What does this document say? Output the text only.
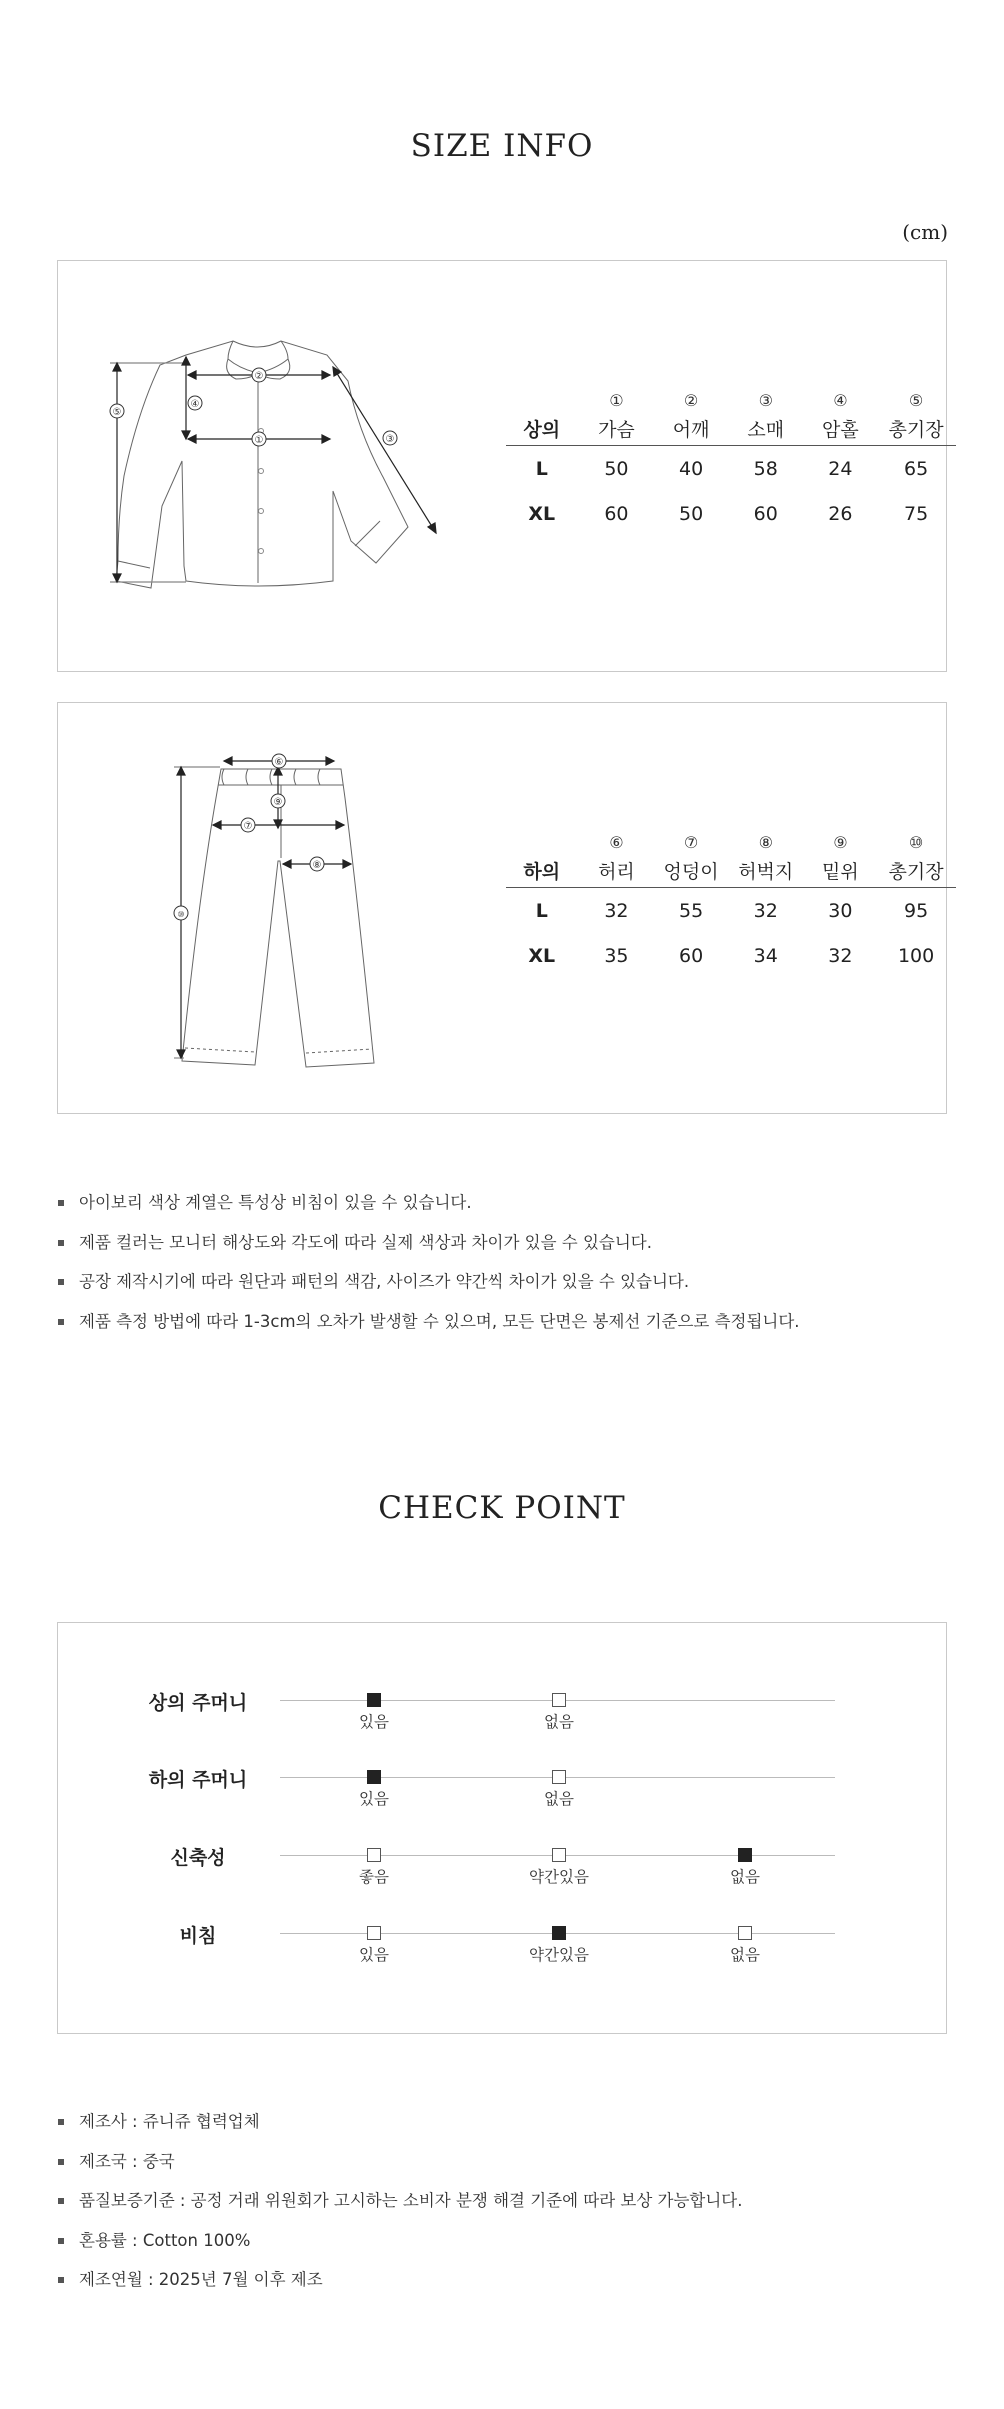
SIZE INFO
(cm)
⑤
②
①
④
③
	①	②	③	④	⑤
상의	가슴	어깨	소매	암홀	총기장
L	50	40	58	24	65
XL	60	50	60	26	75
⑥
⑨
⑦
⑧
⑩
	⑥	⑦	⑧	⑨	⑩
하의	허리	엉덩이	허벅지	밑위	총기장
L	32	55	32	30	95
XL	35	60	34	32	100
아이보리 색상 계열은 특성상 비침이 있을 수 있습니다.
제품 컬러는 모니터 해상도와 각도에 따라 실제 색상과 차이가 있을 수 있습니다.
공장 제작시기에 따라 원단과 패턴의 색감, 사이즈가 약간씩 차이가 있을 수 있습니다.
제품 측정 방법에 따라 1-3cm의 오차가 발생할 수 있으며, 모든 단면은 봉제선 기준으로 측정됩니다.
CHECK POINT
상의 주머니
있음	없음
하의 주머니
있음	없음
신축성
좋음	약간있음	없음
비침
있음	약간있음	없음
제조사 : 쥬니쥬 협력업체
제조국 : 중국
품질보증기준 : 공정 거래 위원회가 고시하는 소비자 분쟁 해결 기준에 따라 보상 가능합니다.
혼용률 : Cotton 100%
제조연월 : 2025년 7월 이후 제조
